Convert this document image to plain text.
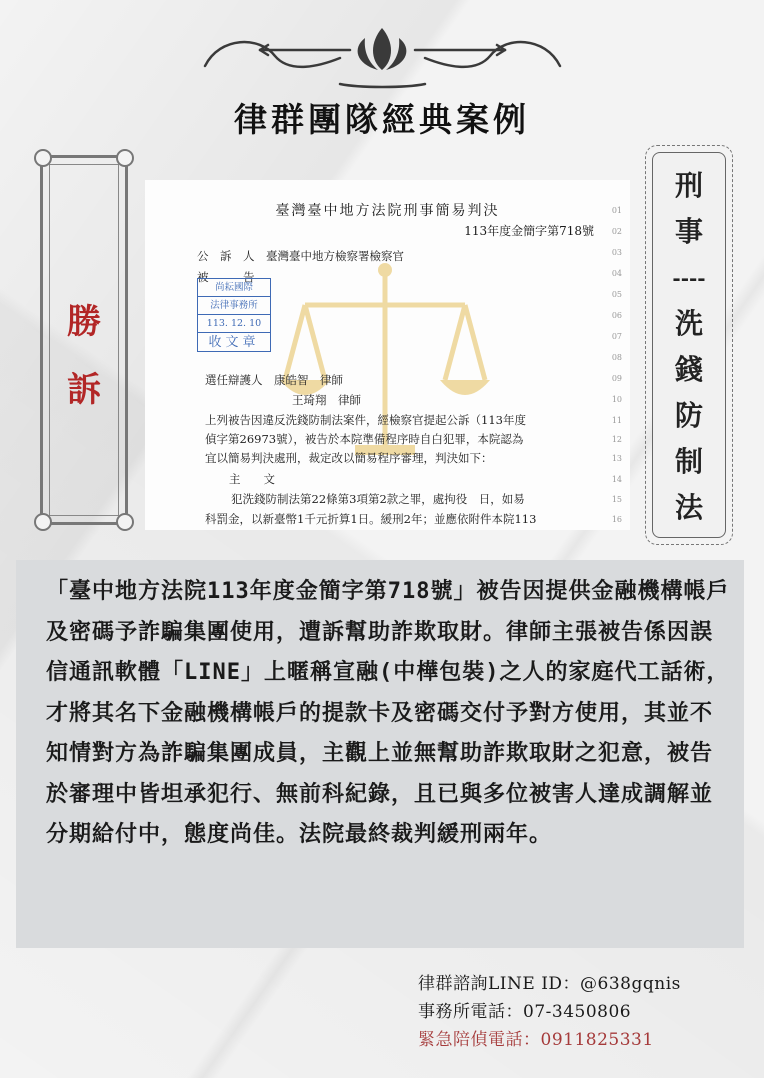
律群團隊經典案例
勝
訴
臺灣臺中地方法院刑事簡易判決
113年度金簡字第718號
公　訴　人　臺灣臺中地方檢察署檢察官
被　　　告
尚耘國際
法律事務所
113. 12. 10
收文章
選任辯護人　康皓智　律師
王琦翔　律師
上列被告因違反洗錢防制法案件，經檢察官提起公訴（113年度
偵字第26973號），被告於本院準備程序時自白犯罪，本院認為
宜以簡易判決處刑，裁定改以簡易程序審理，判決如下：
主　　文
犯洗錢防制法第22條第3項第2款之罪，處拘役　日，如易
科罰金，以新臺幣1千元折算1日。緩刑2年；並應依附件本院113
01
02
03
04
05
06
07
08
09
10
11
12
13
14
15
16
刑
事
----
洗
錢
防
制
法
「臺中地方法院113年度金簡字第718號」被告因提供金融機構帳戶及密碼予詐騙集團使用，遭訴幫助詐欺取財。律師主張被告係因誤信通訊軟體「LINE」上暱稱宣融(中樺包裝)之人的家庭代工話術，才將其名下金融機構帳戶的提款卡及密碼交付予對方使用，其並不知情對方為詐騙集團成員，主觀上並無幫助詐欺取財之犯意，被告於審理中皆坦承犯行、無前科紀錄，且已與多位被害人達成調解並分期給付中，態度尚佳。法院最終裁判緩刑兩年。
律群諮詢LINE ID：@638gqnis
事務所電話：07-3450806
緊急陪偵電話：0911825331
